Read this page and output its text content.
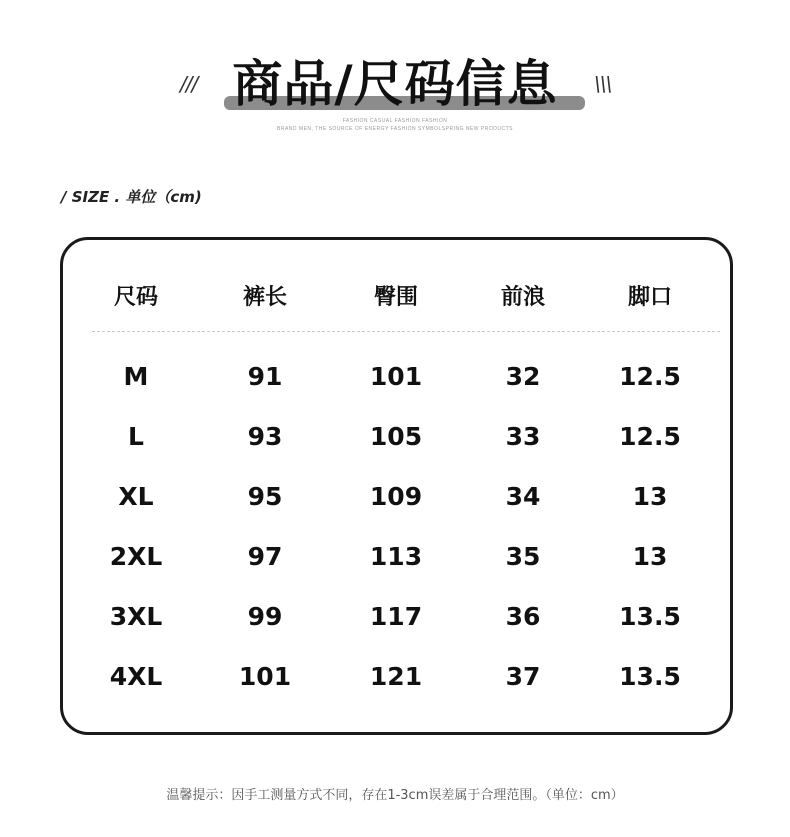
/// 商品/尺码信息	\\\
FASHION CASUAL FASHION FASHION
BRAND MEN, THE SOURCE OF ENERGY FASHION SYMBOLSPRING NEW PRODUCTS
/ SIZE . 单位（cm)
尺码	裤长	臀围	前浪	脚口
M	91	101	32	12.5
L	93	105	33	12.5
XL	95	109	34	13
2XL	97	113	35	13
3XL	99	117	36	13.5
4XL	101	121	37	13.5
温馨提示：因手工测量方式不同，存在1-3cm误差属于合理范围。（单位：cm）
